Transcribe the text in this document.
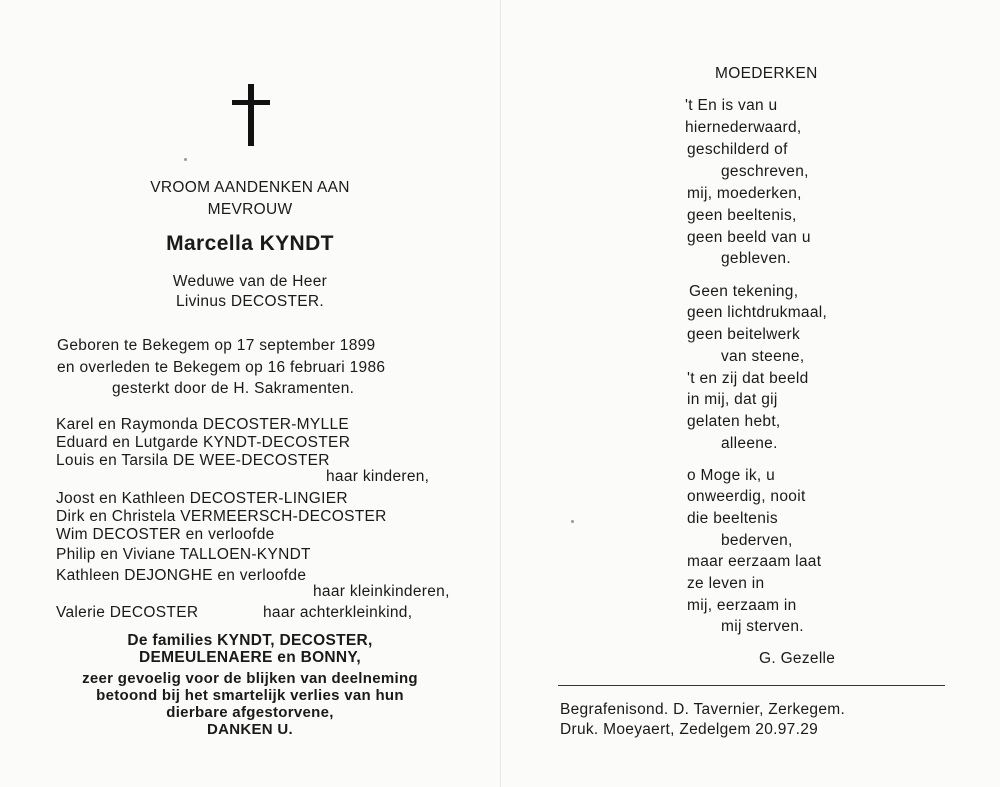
VROOM AANDENKEN AAN
MEVROUW
Marcella KYNDT
Weduwe van de Heer
Livinus DECOSTER.
Geboren te Bekegem op 17 september 1899
en overleden te Bekegem op 16 februari 1986
gesterkt door de H. Sakramenten.
Karel en Raymonda DECOSTER-MYLLE
Eduard en Lutgarde KYNDT-DECOSTER
Louis en Tarsila DE WEE-DECOSTER
haar kinderen,
Joost en Kathleen DECOSTER-LINGIER
Dirk en Christela VERMEERSCH-DECOSTER
Wim DECOSTER en verloofde
Philip en Viviane TALLOEN-KYNDT
Kathleen DEJONGHE en verloofde
haar kleinkinderen,
Valerie DECOSTER	haar achterkleinkind,
De families KYNDT, DECOSTER,
DEMEULENAERE en BONNY,
zeer gevoelig voor de blijken van deelneming
betoond bij het smartelijk verlies van hun
dierbare afgestorvene,
DANKEN U.
MOEDERKEN
't En is van u
hiernederwaard,
geschilderd of
geschreven,
mij, moederken,
geen beeltenis,
geen beeld van u
gebleven.
Geen tekening,
geen lichtdrukmaal,
geen beitelwerk
van steene,
't en zij dat beeld
in mij, dat gij
gelaten hebt,
alleene.
o Moge ik, u
onweerdig, nooit
die beeltenis
bederven,
maar eerzaam laat
ze leven in
mij, eerzaam in
mij sterven.
G. Gezelle
Begrafenisond. D. Tavernier, Zerkegem.
Druk. Moeyaert, Zedelgem 20.97.29
